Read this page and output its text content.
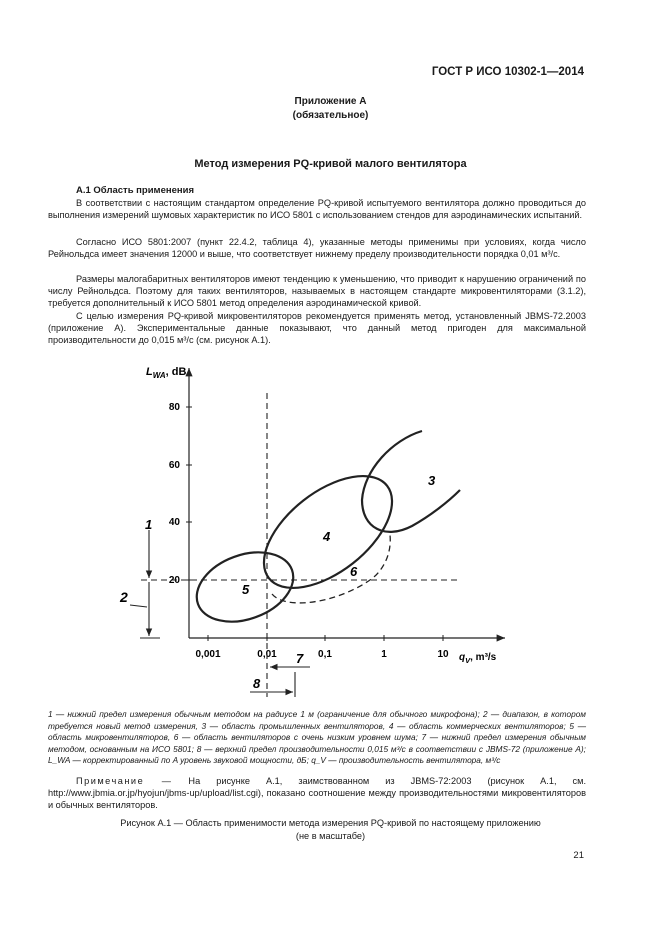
ГОСТ Р ИСО 10302-1—2014
Приложение А
(обязательное)
Метод измерения PQ-кривой малого вентилятора
А.1 Область применения

В соответствии с настоящим стандартом определение PQ-кривой испытуемого вентилятора должно проводиться до выполнения измерений шумовых характеристик по ИСО 5801 с использованием стендов для аэродинамических испытаний.

Согласно ИСО 5801:2007 (пункт 22.4.2, таблица 4), указанные методы применимы при условиях, когда число Рейнольдса имеет значения 12000 и выше, что соответствует нижнему пределу производительности порядка 0,01 м³/с.

Размеры малогабаритных вентиляторов имеют тенденцию к уменьшению, что приводит к нарушению ограничений по числу Рейнольдса. Поэтому для таких вентиляторов, называемых в настоящем стандарте микровентиляторами (3.1.2), требуется дополнительный к ИСО 5801 метод определения аэродинамической кривой.

С целью измерения PQ-кривой микровентиляторов рекомендуется применять метод, установленный JBMS-72.2003 (приложение А). Экспериментальные данные показывают, что данный метод пригоден для максимальной производительности до 0,015 м³/с (см. рисунок А.1).

80
60
40
20
0,001	0,01	0,1	1	10
$L_{WA}$, dB
$q_V$, m³/s
3
4
5
6
1
2
7
8

1 — нижний предел измерения обычным методом на радиусе 1 м (ограничение для обычного микрофона); 2 — диапазон, в котором требуется новый метод измерения, 3 — область промышленных вентиляторов, 4 — область коммерческих вентиляторов; 5 — область микровентиляторов, 6 — область вентиляторов с очень низким уровнем шума; 7 — нижний предел измерения обычным методом, основанным на ИСО 5801; 8 — верхний предел производительности 0,015 м³/с в соответствии с JBMS-72 (приложение А); L_WA — корректированный по A уровень звуковой мощности, дБ; q_V — производительность вентилятора, м³/с

Примечание — На рисунке А.1, заимствованном из JBMS-72:2003 (рисунок А.1, см. http://www.jbmia.or.jp/hyojun/jbms-up/upload/list.cgi), показано соотношение между производительностями микровентиляторов и обычных вентиляторов.

Рисунок А.1 — Область применимости метода измерения PQ-кривой по настоящему приложению
(не в масштабе)
21
